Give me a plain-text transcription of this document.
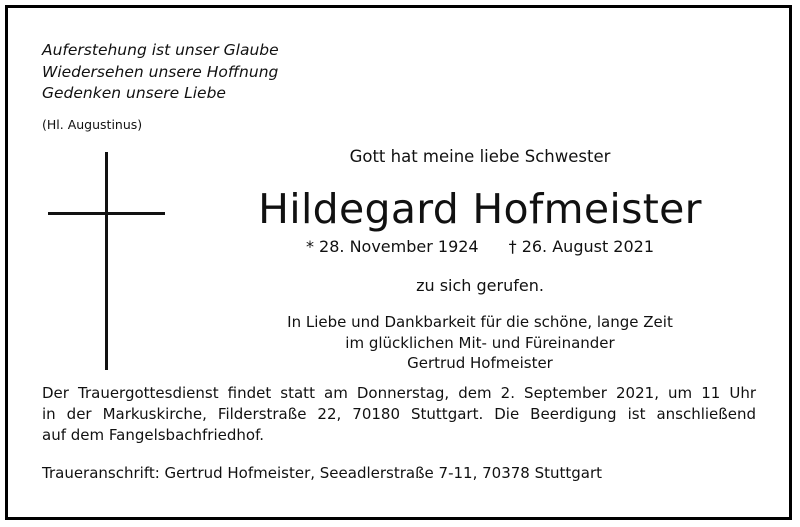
Auferstehung ist unser Glaube
Wiedersehen unsere Hoffnung
Gedenken unsere Liebe
(Hl. Augustinus)
Gott hat meine liebe Schwester
Hildegard Hofmeister
* 28. November 1924 † 26. August 2021
zu sich gerufen.
In Liebe und Dankbarkeit für die schöne, lange Zeit
im glücklichen Mit- und Füreinander
Gertrud Hofmeister
Der Trauergottesdienst findet statt am Donnerstag, dem 2. September 2021, um 11 Uhr
in der Markuskirche, Filderstraße 22, 70180 Stuttgart. Die Beerdigung ist anschließend
auf dem Fangelsbachfriedhof.
Traueranschrift: Gertrud Hofmeister, Seeadlerstraße 7-11, 70378 Stuttgart
